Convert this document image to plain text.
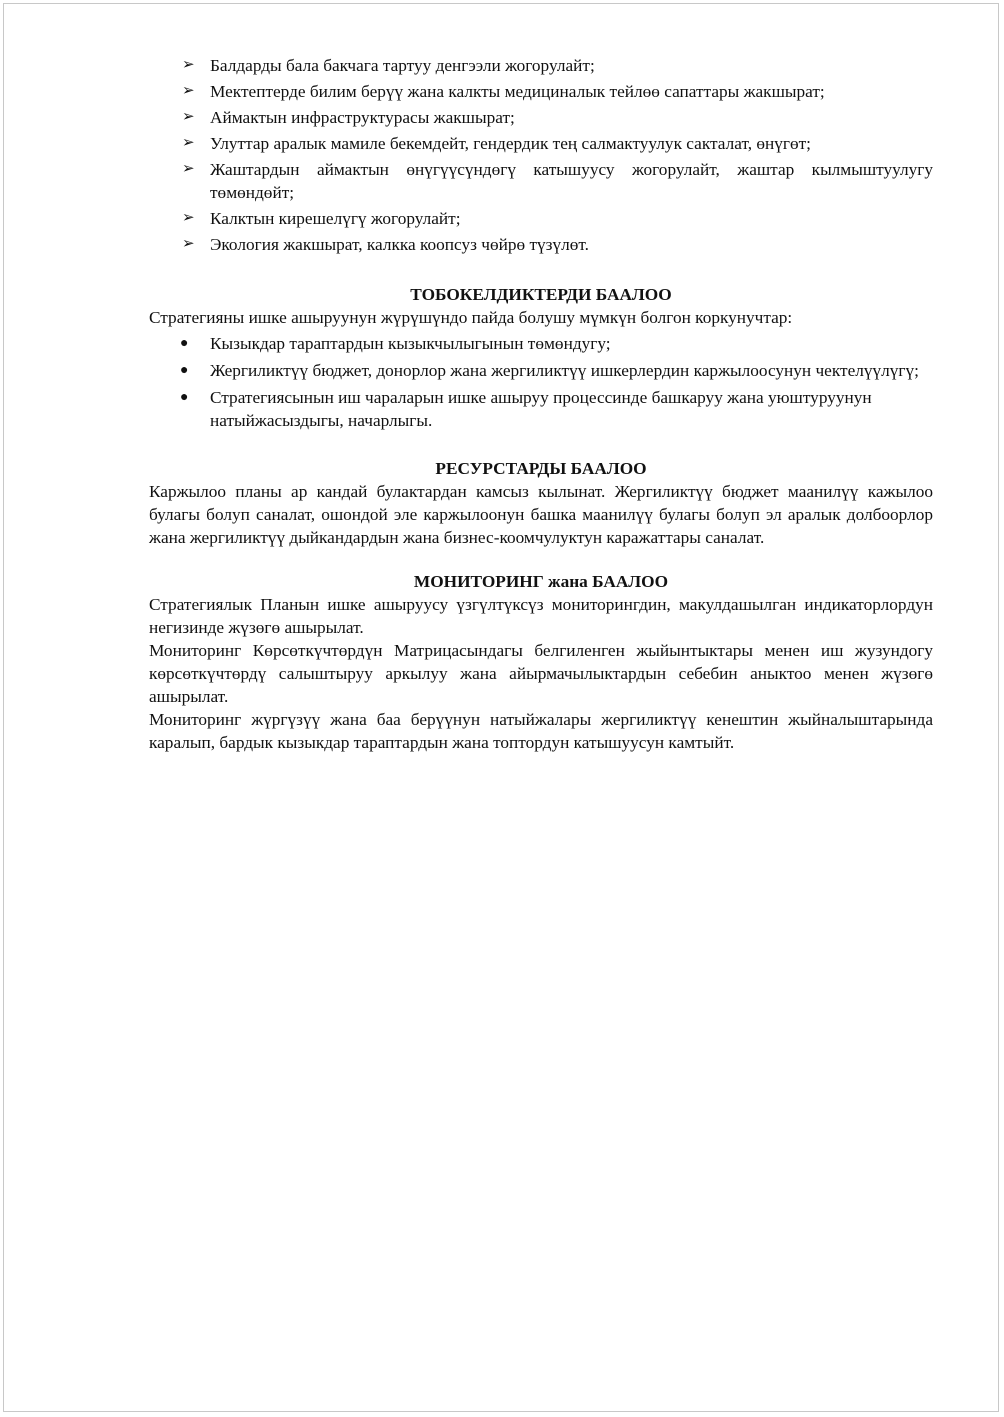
➢ Балдарды бала бакчага тартуу денгээли жогорулайт;
➢ Мектептерде билим берүү жана калкты медициналык тейлөө сапаттары жакшырат;
➢ Аймактын инфраструктурасы жакшырат;
➢ Улуттар аралык мамиле бекемдейт, гендердик тең салмактуулук сакталат, өнүгөт;
➢ Жаштардын аймактын өнүгүүсүндөгү катышуусу жогорулайт, жаштар кылмыштуулугу төмөндөйт;
➢ Калктын кирешелүгү жогорулайт;
➢ Экология жакшырат, калкка коопсуз чөйрө түзүлөт.
ТОБОКЕЛДИКТЕРДИ БААЛОО

Стратегияны ишке ашыруунун жүрүшүндо пайда болушу мүмкүн болгон коркунучтар:

● Кызыкдар тараптардын кызыкчылыгынын төмөндугу;
● Жергиликтүү бюджет, донорлор жана жергиликтүү ишкерлердин каржылоосунун чектелүүлүгү;
● Стратегиясынын иш чараларын ишке ашыруу процессинде башкаруу жана уюштуруунун натыйжасыздыгы, начарлыгы.
РЕСУРСТАРДЫ БААЛОО

Каржылоо планы ар кандай булактардан камсыз кылынат. Жергиликтүү бюджет маанилүү кажылоо булагы болуп саналат, ошондой эле каржылоонун башка маанилүү булагы болуп эл аралык долбоорлор жана жергиликтүү дыйкандардын жана бизнес-коомчулуктун каражаттары саналат.

МОНИТОРИНГ жана БААЛОО

Стратегиялык Планын ишке ашыруусу үзгүлтүксүз мониторингдин, макулдашылган индикаторлордун негизинде жүзөгө ашырылат.

Мониторинг Көрсөткүчтөрдүн Матрицасындагы белгиленген жыйынтыктары менен иш жузундогу көрсөткүчтөрдү салыштыруу аркылуу жана айырмачылыктардын себебин аныктоо менен жүзөгө ашырылат.

Мониторинг жүргүзүү жана баа берүүнун натыйжалары жергиликтүү кенештин жыйналыштарында каралып, бардык кызыкдар тараптардын жана топтордун катышуусун камтыйт.
